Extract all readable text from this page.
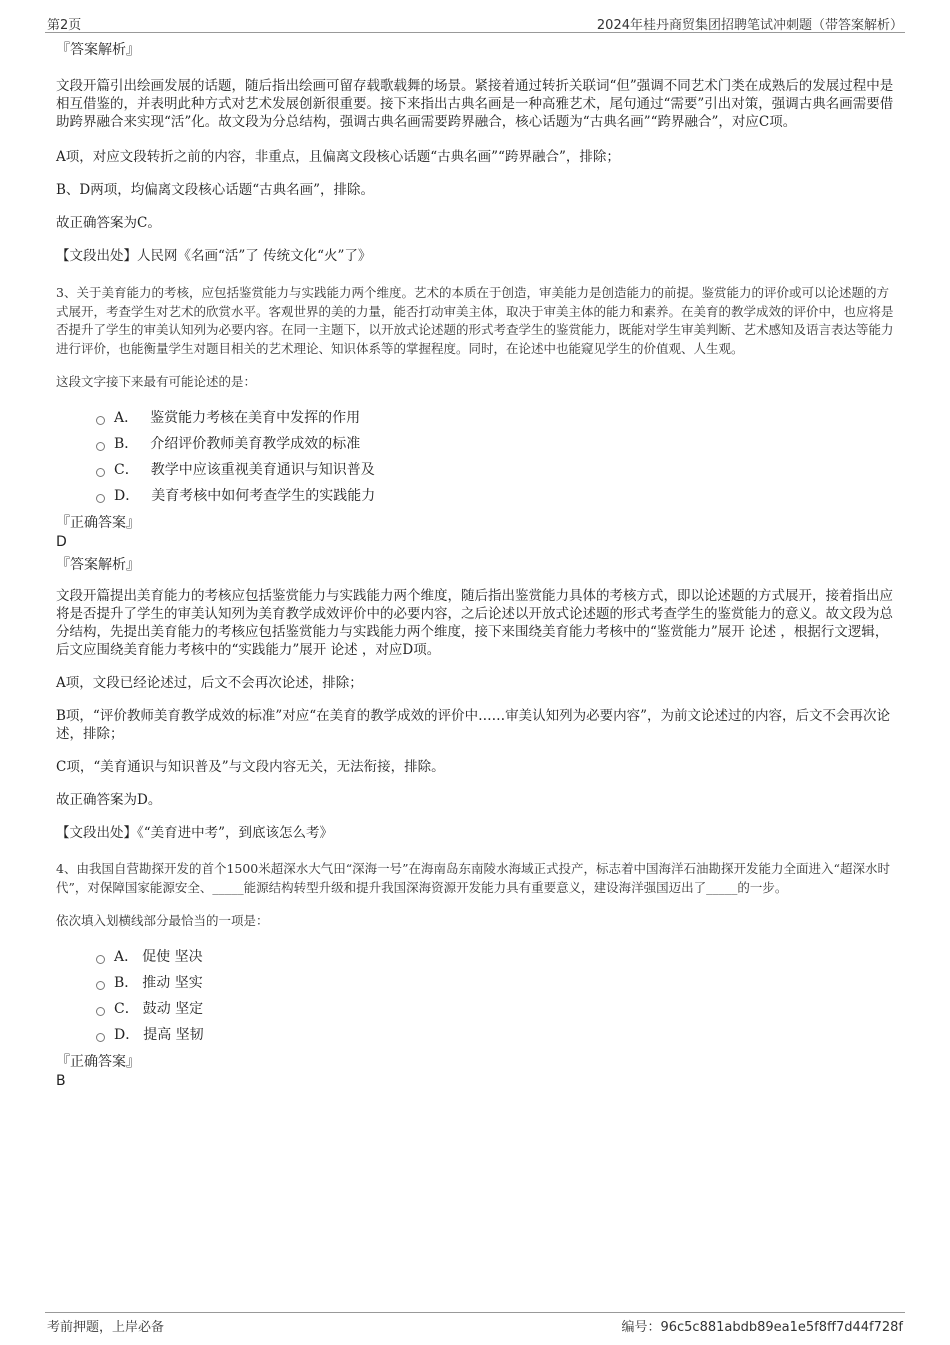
第2页	2024年桂丹商贸集团招聘笔试冲刺题（带答案解析）

『答案解析』

文段开篇引出绘画发展的话题，随后指出绘画可留存载歌载舞的场景。紧接着通过转折关联词“但”强调不同艺术门类在成熟后的发展过程中是相互借鉴的，并表明此种方式对艺术发展创新很重要。接下来指出古典名画是一种高雅艺术，尾句通过“需要”引出对策，强调古典名画需要借助跨界融合来实现“活”化。故文段为分总结构，强调古典名画需要跨界融合，核心话题为“古典名画”“跨界融合”，对应C项。

A项，对应文段转折之前的内容，非重点，且偏离文段核心话题“古典名画”“跨界融合”，排除；

B、D两项，均偏离文段核心话题“古典名画”，排除。

故正确答案为C。

【文段出处】人民网《名画“活”了 传统文化“火”了》

3、关于美育能力的考核，应包括鉴赏能力与实践能力两个维度。艺术的本质在于创造，审美能力是创造能力的前提。鉴赏能力的评价或可以论述题的方式展开，考查学生对艺术的欣赏水平。客观世界的美的力量，能否打动审美主体，取决于审美主体的能力和素养。在美育的教学成效的评价中，也应将是否提升了学生的审美认知列为必要内容。在同一主题下，以开放式论述题的形式考查学生的鉴赏能力，既能对学生审美判断、艺术感知及语言表达等能力进行评价，也能衡量学生对题目相关的艺术理论、知识体系等的掌握程度。同时，在论述中也能窥见学生的价值观、人生观。

这段文字接下来最有可能论述的是：

A． 鉴赏能力考核在美育中发挥的作用
B． 介绍评价教师美育教学成效的标准
C． 教学中应该重视美育通识与知识普及
D． 美育考核中如何考查学生的实践能力

『正确答案』

D

『答案解析』

文段开篇提出美育能力的考核应包括鉴赏能力与实践能力两个维度，随后指出鉴赏能力具体的考核方式，即以论述题的方式展开，接着指出应将是否提升了学生的审美认知列为美育教学成效评价中的必要内容，之后论述以开放式论述题的形式考查学生的鉴赏能力的意义。故文段为总分结构，先提出美育能力的考核应包括鉴赏能力与实践能力两个维度，接下来围绕美育能力考核中的“鉴赏能力”展开 论述 ，根据行文逻辑，后文应围绕美育能力考核中的“实践能力”展开 论述 ，对应D项。

A项，文段已经论述过，后文不会再次论述，排除；

B项，“评价教师美育教学成效的标准”对应“在美育的教学成效的评价中……审美认知列为必要内容”，为前文论述过的内容，后文不会再次论述，排除；

C项，“美育通识与知识普及”与文段内容无关，无法衔接，排除。

故正确答案为D。

【文段出处】《“美育进中考”，到底该怎么考》

4、由我国自营勘探开发的首个1500米超深水大气田“深海一号”在海南岛东南陵水海域正式投产，标志着中国海洋石油勘探开发能力全面进入“超深水时代”，对保障国家能源安全、_____能源结构转型升级和提升我国深海资源开发能力具有重要意义，建设海洋强国迈出了_____的一步。

依次填入划横线部分最恰当的一项是：

A． 促使 坚决
B． 推动 坚实
C． 鼓动 坚定
D． 提高 坚韧

『正确答案』

B

考前押题，上岸必备	编号：96c5c881abdb89ea1e5f8ff7d44f728f
